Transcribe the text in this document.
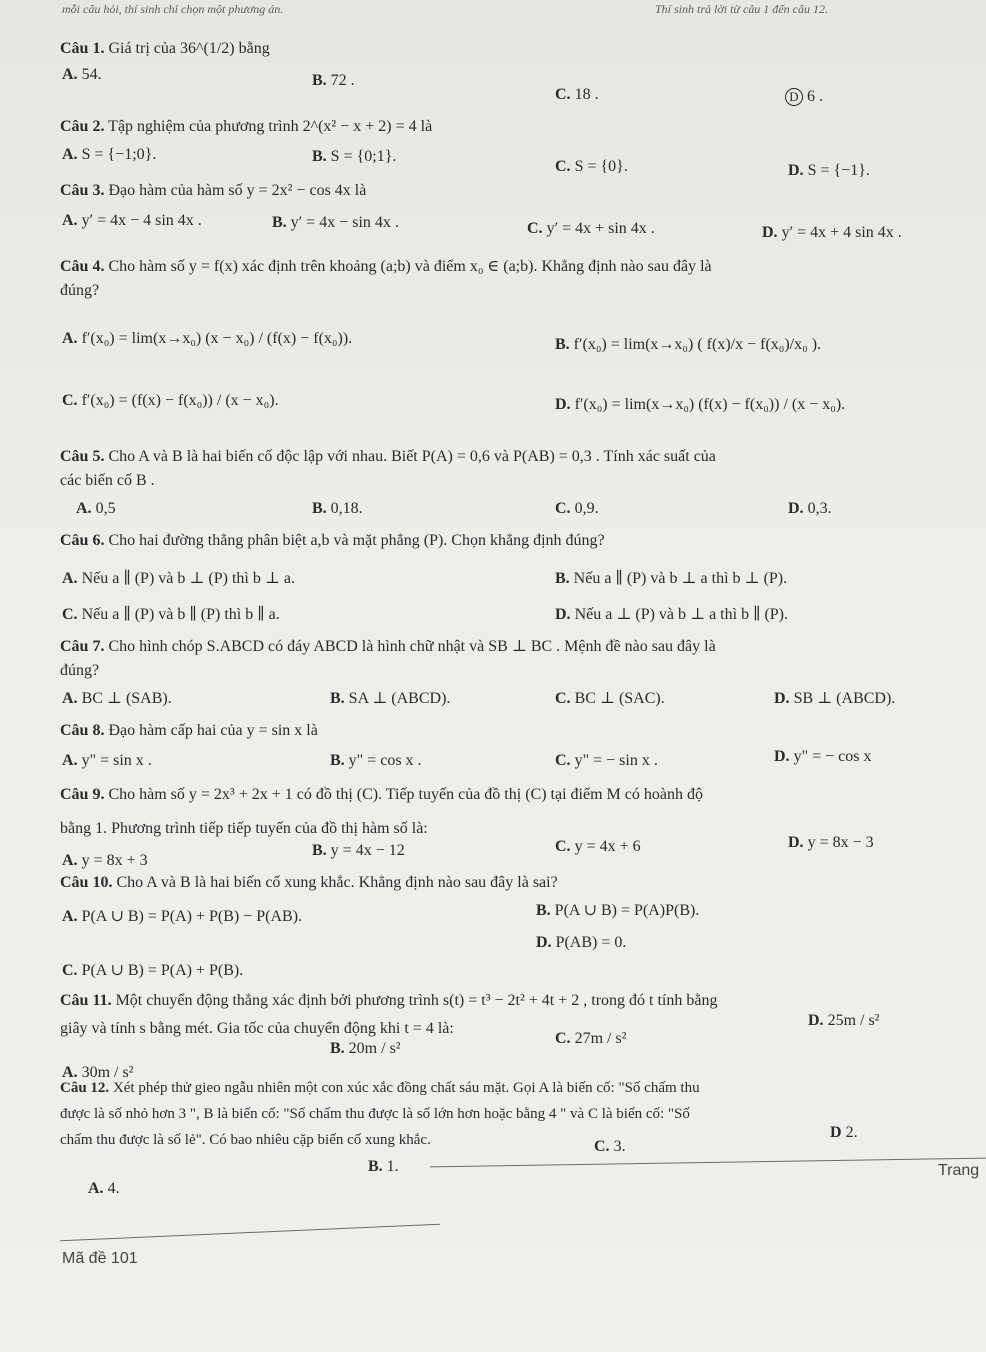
mỗi câu hỏi, thí sinh chỉ chọn một phương án.	Thí sinh trả lời từ câu 1 đến câu 12.
Câu 1. Giá trị của 36^(1/2) bằng
A. 54.	B. 72 .
C. 18 .	D 6 .
Câu 2. Tập nghiệm của phương trình 2^(x² − x + 2) = 4 là
A. S = {−1;0}.	B. S = {0;1}.
C. S = {0}.	D. S = {−1}.
Câu 3. Đạo hàm của hàm số y = 2x² − cos 4x là
A. y′ = 4x − 4 sin 4x .	B. y′ = 4x − sin 4x .	C. y′ = 4x + sin 4x .	D. y′ = 4x + 4 sin 4x .
Câu 4. Cho hàm số y = f(x) xác định trên khoảng (a;b) và điểm x₀ ∈ (a;b). Khẳng định nào sau đây là
đúng?
A. f′(x₀) = lim(x→x₀) (x − x₀) / (f(x) − f(x₀)).	B. f′(x₀) = lim(x→x₀) ( f(x)/x − f(x₀)/x₀ ).
C. f′(x₀) = (f(x) − f(x₀)) / (x − x₀).	D. f′(x₀) = lim(x→x₀) (f(x) − f(x₀)) / (x − x₀).
Câu 5. Cho A và B là hai biến cố độc lập với nhau. Biết P(A) = 0,6 và P(AB) = 0,3 . Tính xác suất của
các biến cố B .
A. 0,5	B. 0,18.	C. 0,9.	D. 0,3.
Câu 6. Cho hai đường thẳng phân biệt a,b và mặt phẳng (P). Chọn khẳng định đúng?
A. Nếu a ∥ (P) và b ⊥ (P) thì b ⊥ a.	B. Nếu a ∥ (P) và b ⊥ a thì b ⊥ (P).
C. Nếu a ∥ (P) và b ∥ (P) thì b ∥ a.	D. Nếu a ⊥ (P) và b ⊥ a thì b ∥ (P).
Câu 7. Cho hình chóp S.ABCD có đáy ABCD là hình chữ nhật và SB ⊥ BC . Mệnh đề nào sau đây là
đúng?
A. BC ⊥ (SAB).	B. SA ⊥ (ABCD).	C. BC ⊥ (SAC).	D. SB ⊥ (ABCD).
Câu 8. Đạo hàm cấp hai của y = sin x là
A. y" = sin x .	B. y" = cos x .	C. y" = − sin x .	D. y" = − cos x
Câu 9. Cho hàm số y = 2x³ + 2x + 1 có đồ thị (C). Tiếp tuyến của đồ thị (C) tại điểm M có hoành độ
bằng 1. Phương trình tiếp tiếp tuyến của đồ thị hàm số là:
A. y = 8x + 3
B. y = 4x − 12	C. y = 4x + 6	D. y = 8x − 3
Câu 10. Cho A và B là hai biến cố xung khắc. Khẳng định nào sau đây là sai?
A. P(A ∪ B) = P(A) + P(B) − P(AB).	B. P(A ∪ B) = P(A)P(B).
C. P(A ∪ B) = P(A) + P(B).
D. P(AB) = 0.
Câu 11. Một chuyển động thẳng xác định bởi phương trình s(t) = t³ − 2t² + 4t + 2 , trong đó t tính bằng
giây và tính s bằng mét. Gia tốc của chuyển động khi t = 4 là:
A. 30m / s²
B. 20m / s²
C. 27m / s²
D. 25m / s²
Câu 12. Xét phép thử gieo ngẫu nhiên một con xúc xắc đồng chất sáu mặt. Gọi A là biến cố: "Số chấm thu
được là số nhỏ hơn 3 ", B là biến cố: "Số chấm thu được là số lớn hơn hoặc bằng 4 " và C là biến cố: "Số
chấm thu được là số lẻ". Có bao nhiêu cặp biến cố xung khắc.
A. 4.
B. 1.
C. 3.
D 2.
Trang
Mã đề 101
